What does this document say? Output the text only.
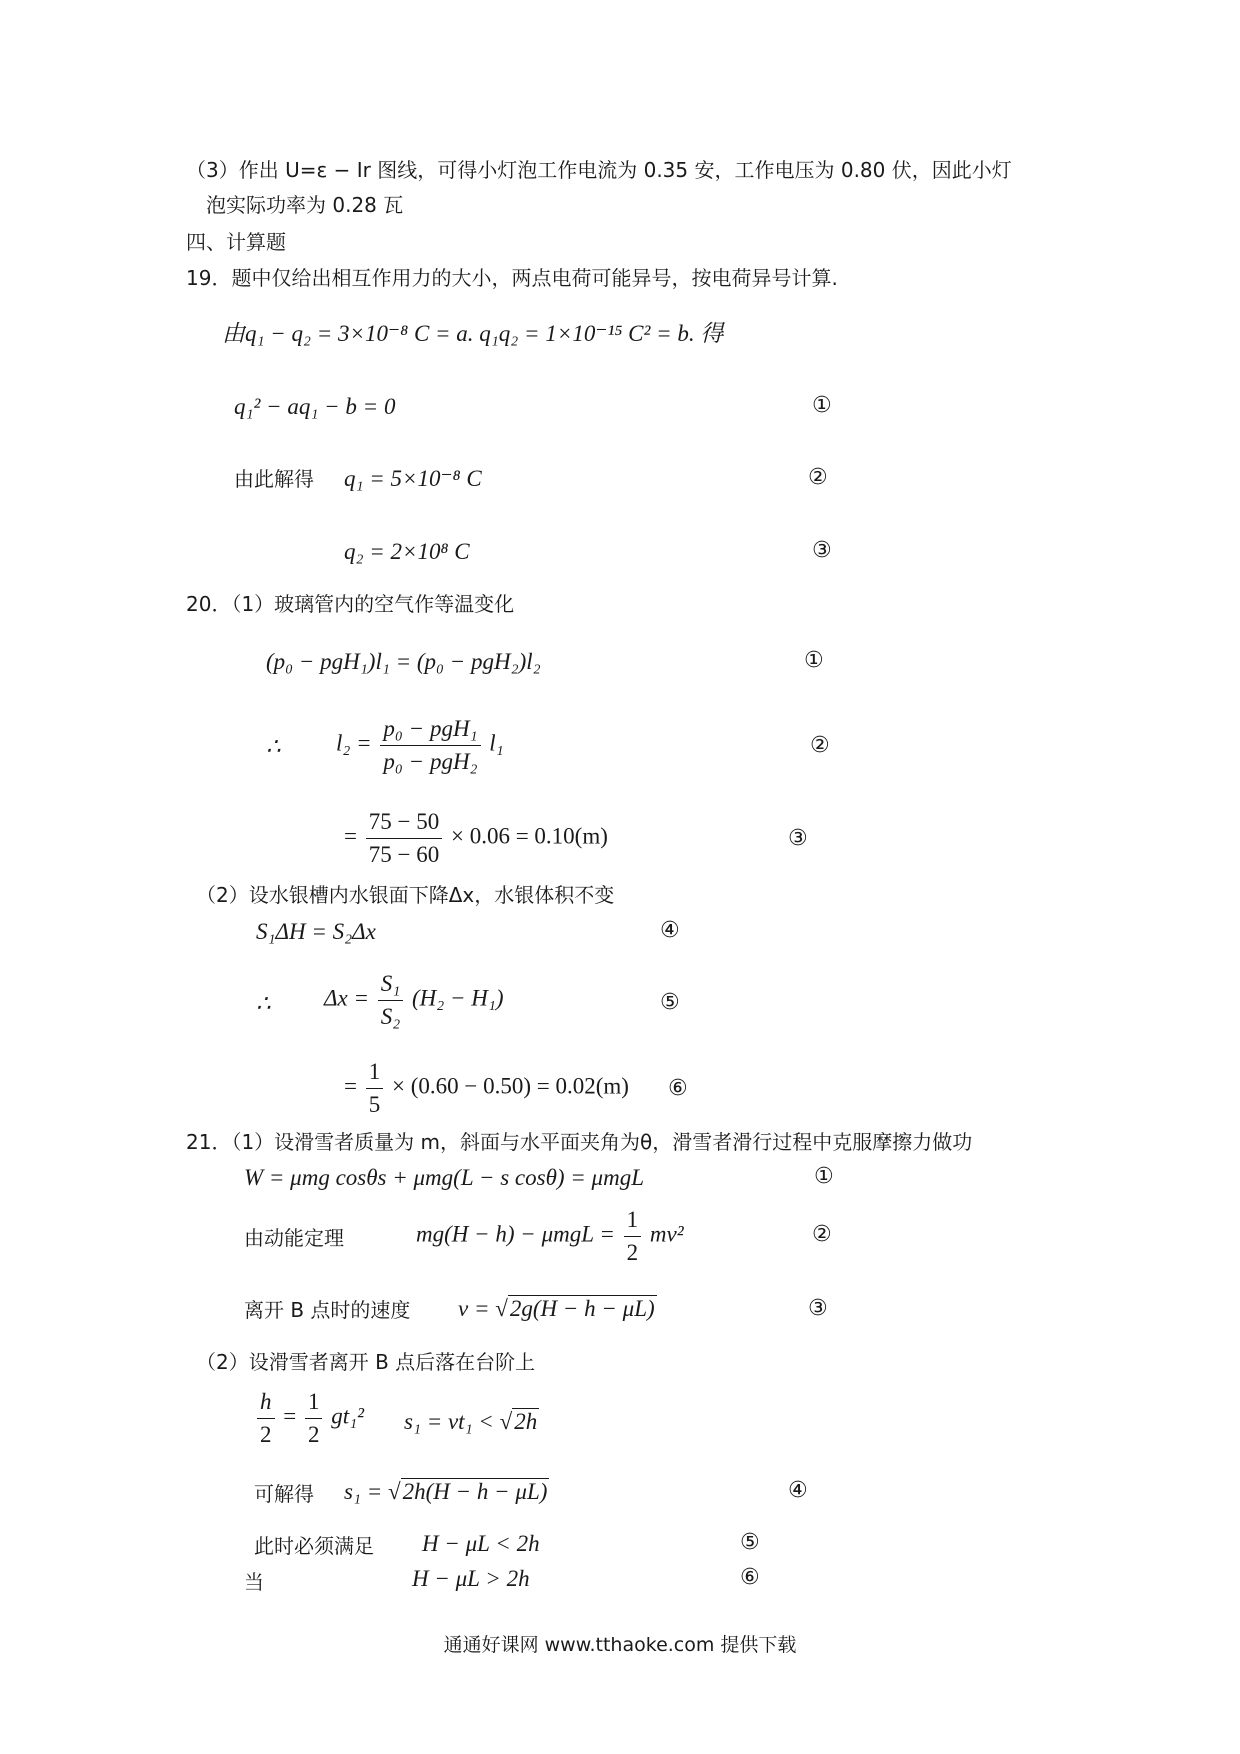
（3）作出 U=ε − Ir 图线，可得小灯泡工作电流为 0.35 安，工作电压为 0.80 伏，因此小灯
泡实际功率为 0.28 瓦
四、计算题
19．题中仅给出相互作用力的大小，两点电荷可能异号，按电荷异号计算.
由q₁ − q₂ = 3×10⁻⁸ C = a. q₁q₂ = 1×10⁻¹⁵ C² = b. 得
q₁² − aq₁ − b = 0	①
由此解得 q₁ = 5×10⁻⁸ C	②
q₂ = 2×10⁸ C	③
20．（1）玻璃管内的空气作等温变化
(p₀ − pgH₁)l₁ = (p₀ − pgH₂)l₂	①
∴ $l_2 = \frac{\text{p₀ − pgH₁}}{\text{p₀ − pgH₂}} l_1$	②
= $\frac{75 - 50}{75 - 60} \times 0.06 = 0.10(m)$	③
（2）设水银槽内水银面下降Δx，水银体积不变
S₁ΔH = S₂Δx	④
∴ $\Delta x = \frac{\text{S₁}}{\text{S₂}} (H_2 - H_1)$	⑤
= $\frac{1}{5} \times (0.60 - 0.50) = 0.02(m)$ ⑥
21．（1）设滑雪者质量为 m，斜面与水平面夹角为θ，滑雪者滑行过程中克服摩擦力做功
W = μmg cosθs + μmg(L − s cosθ) = μmgL	①
由动能定理	$mg(H - h) - \mu mgL = \frac{1}{2} mv^2$	②
离开 B 点时的速度 v = √2g(H − h − μL)	③
（2）设滑雪者离开 B 点后落在台阶上
$\frac{h}{2} = \frac{1}{2} gt_1^2$ s₁ = vt₁ < √2h
可解得 s₁ = √2h(H − h − μL)	④
此时必须满足 H − μL < 2h	⑤
当	H − μL > 2h	⑥
通通好课网 www.tthaoke.com 提供下载
